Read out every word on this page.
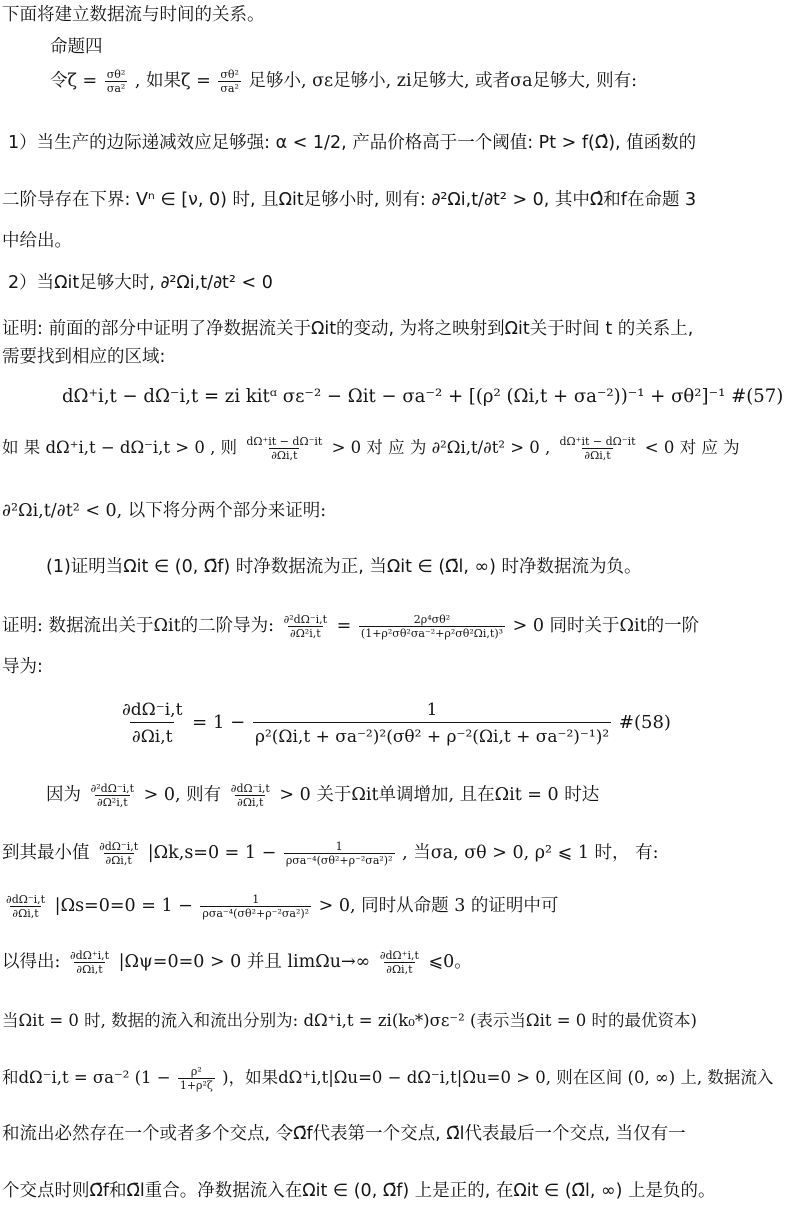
下面将建立数据流与时间的关系。
命题四
令$\zeta = \frac{\text{σθ²}}{\text{σa²}}$ , 如果$\zeta = \frac{\text{σθ²}}{\text{σa²}}$ 足够小, σε足够小, zi足够大, 或者σa足够大, 则有:
1）当生产的边际递减效应足够强: α < 1/2, 产品价格高于一个阈值: Pt > f(Ω̂), 值函数的
二阶导存在下界: Vⁿ ∈ [ν, 0) 时, 且Ωit足够小时, 则有: ∂²Ωi,t/∂t² > 0, 其中Ω̂和f在命题 3
中给出。
2）当Ωit足够大时, ∂²Ωi,t/∂t² < 0
证明: 前面的部分中证明了净数据流关于Ωit的变动, 为将之映射到Ωit关于时间 t 的关系上,
需要找到相应的区域:
dΩ⁺i,t − dΩ⁻i,t = zi kitᵅ σε⁻² − Ωit − σa⁻² + [(ρ² (Ωi,t + σa⁻²))⁻¹ + σθ²]⁻¹ #(57)
如 果 dΩ⁺i,t − dΩ⁻i,t > 0 , 则 $\frac{d\Omega^+it - d\Omega^-it}{\partial\Omega i,t} > 0$ 对 应 为 ∂²Ωi,t/∂t² > 0 , $\frac{d\Omega^+it - d\Omega^-it}{\partial\Omega i,t} < 0$ 对 应 为
∂²Ωi,t/∂t² < 0, 以下将分两个部分来证明:
(1)证明当Ωit ∈ (0, Ω̄f) 时净数据流为正, 当Ωit ∈ (Ω̄l, ∞) 时净数据流为负。
证明: 数据流出关于Ωit的二阶导为: $\frac{\text{∂²dΩ⁻i,t}}{\text{∂Ω²i,t}} = \frac{\text{2ρ⁴σθ²}}{\text{(1+ρ²σθ²σa⁻²+ρ²σθ²Ωi,t)³}} > 0$ 同时关于Ωit的一阶
导为:
$\frac{\partial d\Omega^-i,t}{\partial\Omega i,t} = 1 - \frac{1}{\text{ρ²(Ωi,t + σa⁻²)²(σθ² + ρ⁻²(Ωi,t + σa⁻²)⁻¹)²}}$ #(58)
因为 $\frac{\text{∂²dΩ⁻i,t}}{\text{∂Ω²i,t}} > 0$, 则有 $\frac{\partial d\Omega^-i,t}{\partial\Omega i,t} > 0$ 关于Ωit单调增加, 且在Ωit = 0 时达
到其最小值 $\frac{\partial d\Omega^-i,t}{\partial\Omega i,t} |\Omega k,s=0 = 1$ −	1
ρσa⁻⁴(σθ²+ρ⁻²σa²)² , 当σa, σθ > 0, ρ² ⩽ 1 时， 有:
$\frac{\partial d\Omega^-i,t}{\partial\Omega i,t} |\Omega s=0=0 = 1$ −	1
ρσa⁻⁴(σθ²+ρ⁻²σa²)² > 0, 同时从命题 3 的证明中可
以得出: $\frac{\partial d\Omega^+i,t}{\partial\Omega i,t} |\Omega\psi=0=0 > 0$ 并且 $\lim\Omega u\to\infty \frac{\partial d\Omega^+i,t}{\partial\Omega i,t}$ ⩽0。
当Ωit = 0 时, 数据的流入和流出分别为: dΩ⁺i,t = zi(k₀*)σε⁻² (表示当Ωit = 0 时的最优资本)
和dΩ⁻i,t = σa⁻² ($1 - \frac{\text{ρ²}}{\text{1+ρ²ζ}}$ )，如果dΩ⁺i,t|Ωu=0 − dΩ⁻i,t|Ωu=0 > 0, 则在区间 (0, ∞) 上, 数据流入
和流出必然存在一个或者多个交点, 令Ω̄f代表第一个交点, Ω̄l代表最后一个交点, 当仅有一
个交点时则Ω̄f和Ω̄l重合。净数据流入在Ωit ∈ (0, Ω̄f) 上是正的, 在Ωit ∈ (Ω̄l, ∞) 上是负的。
